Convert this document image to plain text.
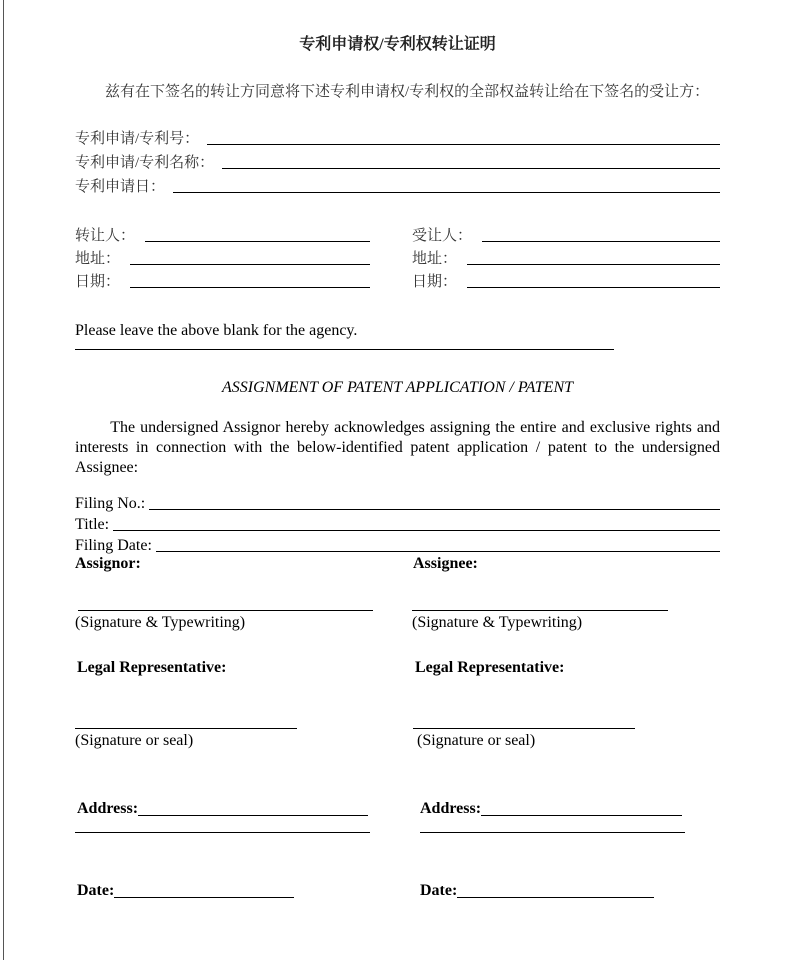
专利申请权/专利权转让证明
兹有在下签名的转让方同意将下述专利申请权/专利权的全部权益转让给在下签名的受让方：
专利申请/专利号：
专利申请/专利名称：
专利申请日：
转让人：	受让人：
地址：	地址：
日期：	日期：
Please leave the above blank for the agency.
ASSIGNMENT OF PATENT APPLICATION / PATENT
The undersigned Assignor hereby acknowledges assigning the entire and exclusive rights and interests in connection with the below-identified patent application / patent to the undersigned Assignee:
Filing No.:
Title:
Filing Date:
Assignor:	Assignee:
(Signature & Typewriting)	(Signature & Typewriting)
Legal Representative:	Legal Representative:
(Signature or seal)	(Signature or seal)
Address:	Address:
Date:	Date:
